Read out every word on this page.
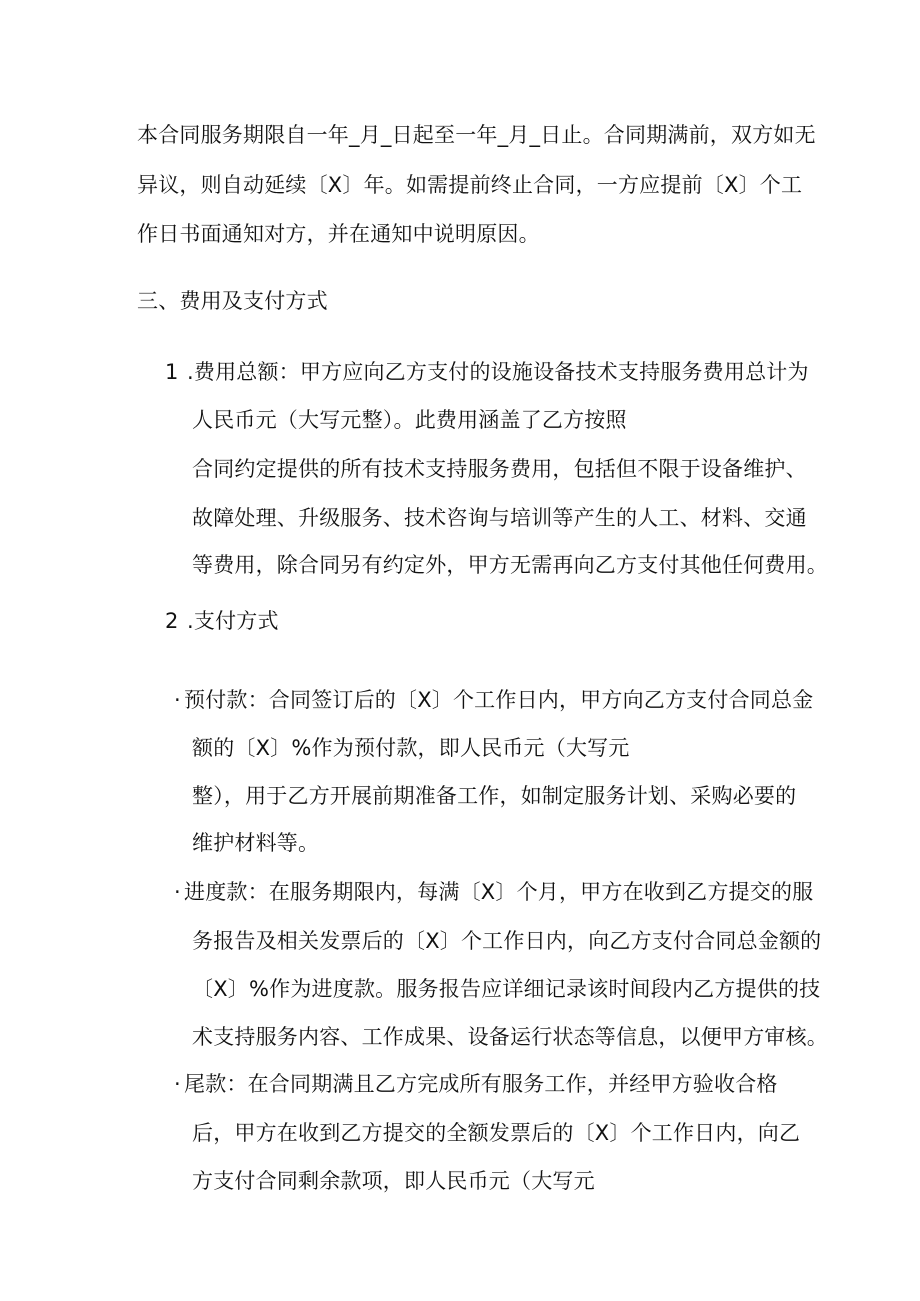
本合同服务期限自一年_月_日起至一年_月_日止。合同期满前，双方如无
异议，则自动延续〔X〕年。如需提前终止合同，一方应提前〔X〕个工
作日书面通知对方，并在通知中说明原因。
三、费用及支付方式
1 .费用总额：甲方应向乙方支付的设施设备技术支持服务费用总计为
人民币元（大写元整）。此费用涵盖了乙方按照
合同约定提供的所有技术支持服务费用，包括但不限于设备维护、
故障处理、升级服务、技术咨询与培训等产生的人工、材料、交通
等费用，除合同另有约定外，甲方无需再向乙方支付其他任何费用。
2 .支付方式
· 预付款：合同签订后的〔X〕个工作日内，甲方向乙方支付合同总金
额的〔X〕%作为预付款，即人民币元（大写元
整），用于乙方开展前期准备工作，如制定服务计划、采购必要的
维护材料等。
· 进度款：在服务期限内，每满〔X〕个月，甲方在收到乙方提交的服
务报告及相关发票后的〔X〕个工作日内，向乙方支付合同总金额的
〔X〕%作为进度款。服务报告应详细记录该时间段内乙方提供的技
术支持服务内容、工作成果、设备运行状态等信息，以便甲方审核。
· 尾款：在合同期满且乙方完成所有服务工作，并经甲方验收合格
后，甲方在收到乙方提交的全额发票后的〔X〕个工作日内，向乙
方支付合同剩余款项，即人民币元（大写元
